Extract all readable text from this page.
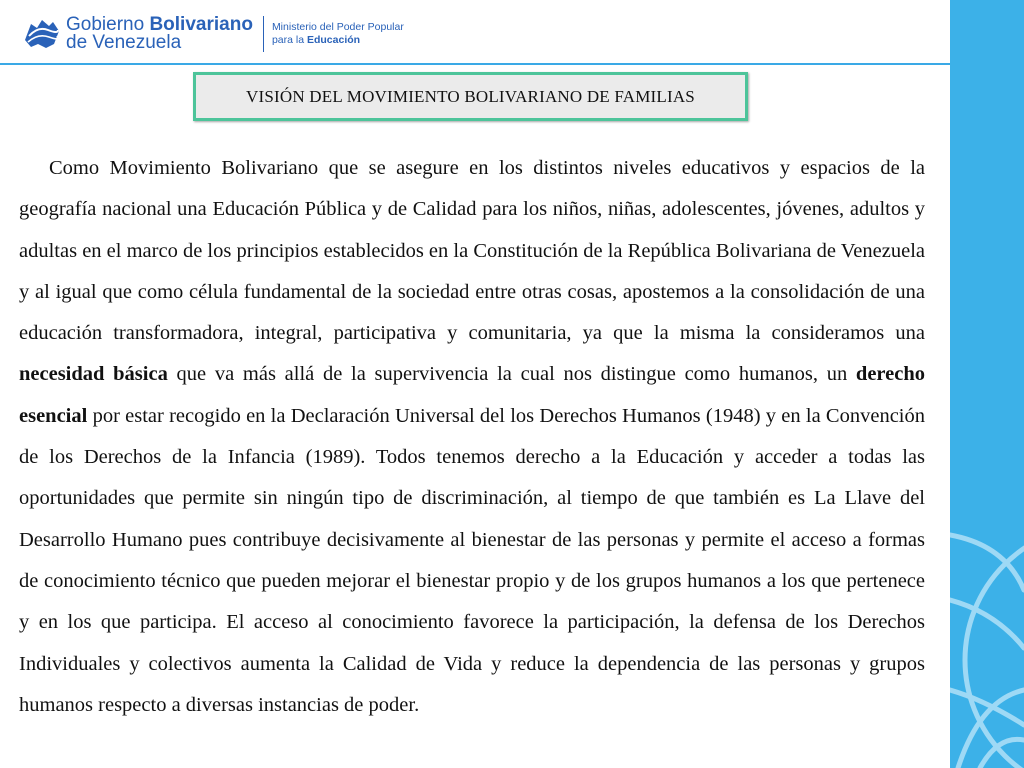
Gobierno Bolivariano
de Venezuela
Ministerio del Poder Popular
para la Educación
VISIÓN DEL MOVIMIENTO BOLIVARIANO DE FAMILIAS

Como Movimiento Bolivariano que se asegure en los distintos niveles educativos y espacios de la geografía nacional una Educación Pública y de Calidad para los niños, niñas, adolescentes, jóvenes, adultos y adultas en el marco de los principios establecidos en la Constitución de la República Bolivariana de Venezuela y al igual que como célula fundamental de la sociedad entre otras cosas, apostemos a la consolidación de una educación transformadora, integral, participativa y comunitaria, ya que la misma la consideramos una necesidad básica que va más allá de la supervivencia la cual nos distingue como humanos, un derecho esencial por estar recogido en la Declaración Universal del los Derechos Humanos (1948) y en la Convención de los Derechos de la Infancia (1989). Todos tenemos derecho a la Educación y acceder a todas las oportunidades que permite sin ningún tipo de discriminación, al tiempo de que también es La Llave del Desarrollo Humano pues contribuye decisivamente al bienestar de las personas y permite el acceso a formas de conocimiento técnico que pueden mejorar el bienestar propio y de los grupos humanos a los que pertenece y en los que participa. El acceso al conocimiento favorece la participación, la defensa de los Derechos Individuales y colectivos aumenta la Calidad de Vida y reduce la dependencia de las personas y grupos humanos respecto a diversas instancias de poder.
